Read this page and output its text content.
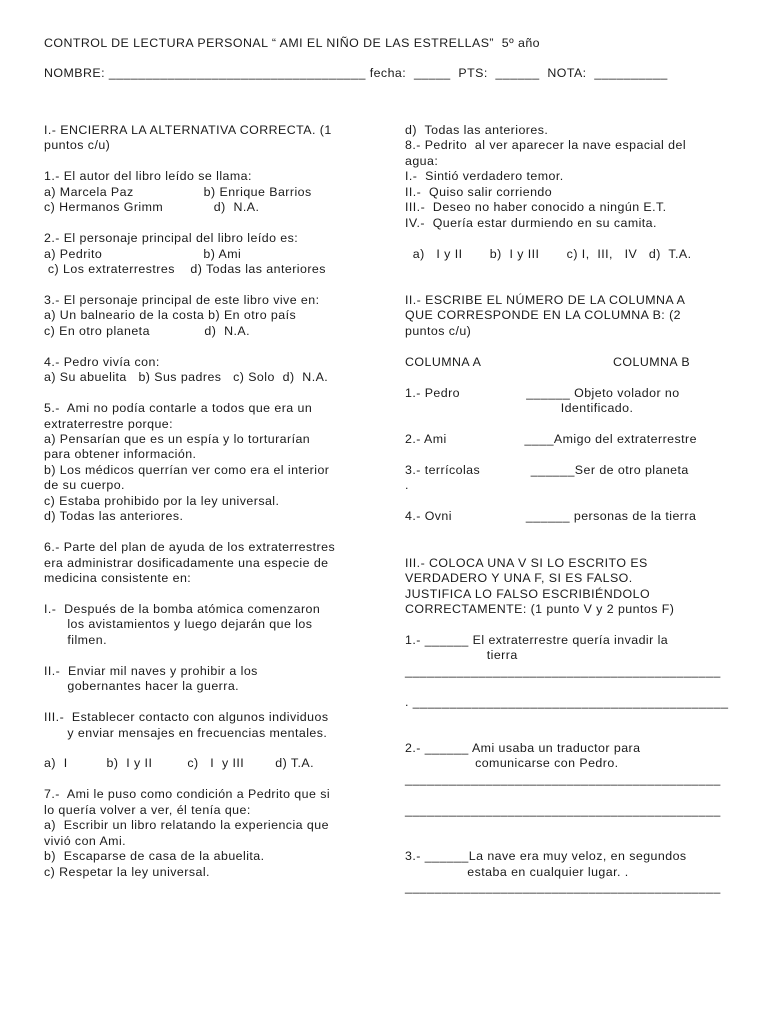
CONTROL DE LECTURA PERSONAL “ AMI EL NIÑO DE LAS ESTRELLAS”  5º año
NOMBRE: ___________________________________ fecha:  _____  PTS:  ______  NOTA:  __________
I.- ENCIERRA LA ALTERNATIVA CORRECTA. (1
puntos c/u)
1.- El autor del libro leído se llama:
a) Marcela Paz                  b) Enrique Barrios
c) Hermanos Grimm             d)  N.A.
2.- El personaje principal del libro leído es:
a) Pedrito                          b) Ami
c) Los extraterrestres    d) Todas las anteriores
3.- El personaje principal de este libro vive en:
a) Un balneario de la costa b) En otro país
c) En otro planeta              d)  N.A.
4.- Pedro vivía con:
a) Su abuelita   b) Sus padres   c) Solo  d)  N.A.
5.-  Ami no podía contarle a todos que era un
extraterrestre porque:
a) Pensarían que es un espía y lo torturarían
para obtener información.
b) Los médicos querrían ver como era el interior
de su cuerpo.
c) Estaba prohibido por la ley universal.
d) Todas las anteriores.
6.- Parte del plan de ayuda de los extraterrestres
era administrar dosificadamente una especie de
medicina consistente en:
I.-  Después de la bomba atómica comenzaron
los avistamientos y luego dejarán que los
filmen.
II.-  Enviar mil naves y prohibir a los
gobernantes hacer la guerra.
III.-  Establecer contacto con algunos individuos
y enviar mensajes en frecuencias mentales.
a)  I          b)  I y II         c)   I  y III        d) T.A.
7.-  Ami le puso como condición a Pedrito que si
lo quería volver a ver, él tenía que:
a)  Escribir un libro relatando la experiencia que
vivió con Ami.
b)  Escaparse de casa de la abuelita.
c) Respetar la ley universal.
d)  Todas las anteriores.
8.- Pedrito  al ver aparecer la nave espacial del
agua:
I.-  Sintió verdadero temor.
II.-  Quiso salir corriendo
III.-  Deseo no haber conocido a ningún E.T.
IV.-  Quería estar durmiendo en su camita.
a)   I y II       b)  I y III       c) I,  III,   IV   d)  T.A.
II.- ESCRIBE EL NÚMERO DE LA COLUMNA A
QUE CORRESPONDE EN LA COLUMNA B: (2
puntos c/u)
COLUMNA A                                  COLUMNA B
1.- Pedro                 ______ Objeto volador no
Identificado.
2.- Ami                    ____Amigo del extraterrestre
3.- terrícolas             ______Ser de otro planeta
.
4.- Ovni                   ______ personas de la tierra
III.- COLOCA UNA V SI LO ESCRITO ES
VERDADERO Y UNA F, SI ES FALSO.
JUSTIFICA LO FALSO ESCRIBIÉNDOLO
CORRECTAMENTE: (1 punto V y 2 puntos F)
1.- ______ El extraterrestre quería invadir la
tierra
___________________________________________
. ___________________________________________
2.- ______ Ami usaba un traductor para
comunicarse con Pedro.
___________________________________________
___________________________________________
3.- ______La nave era muy veloz, en segundos
estaba en cualquier lugar. .
___________________________________________
